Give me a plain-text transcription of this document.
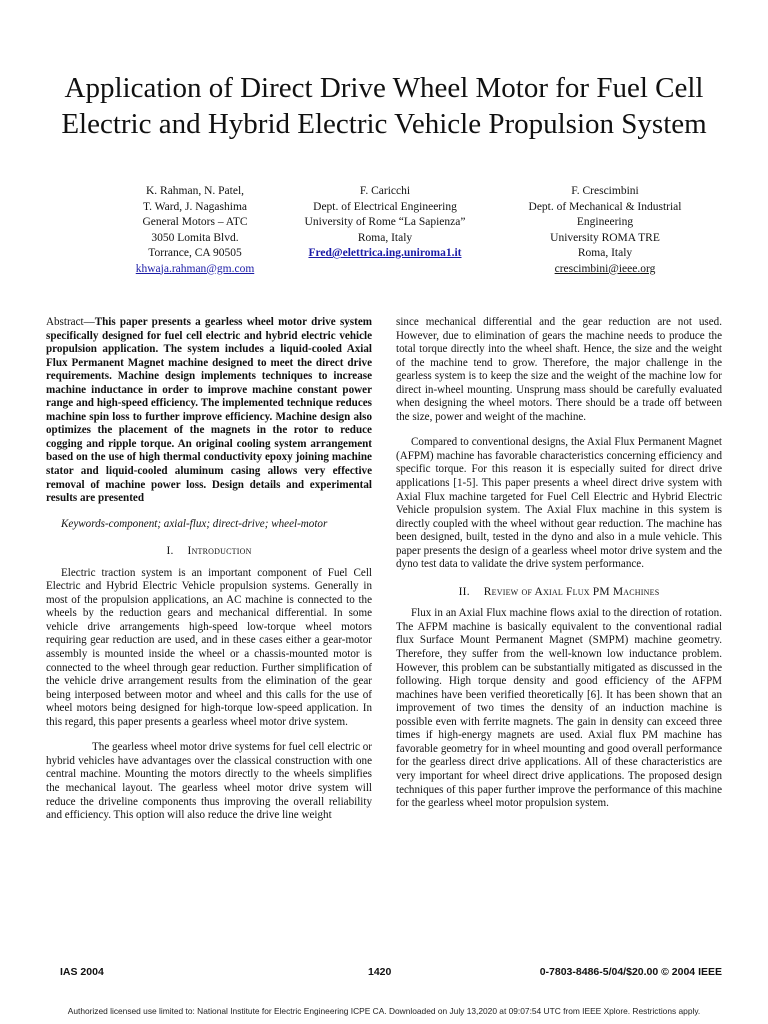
Application of Direct Drive Wheel Motor for Fuel Cell Electric and Hybrid Electric Vehicle Propulsion System
K. Rahman, N. Patel,
T. Ward, J. Nagashima
General Motors – ATC
3050 Lomita Blvd.
Torrance, CA 90505
khwaja.rahman@gm.com
F. Caricchi
Dept. of Electrical Engineering
University of Rome “La Sapienza”
Roma, Italy
Fred@elettrica.ing.uniroma1.it
F. Crescimbini
Dept. of Mechanical & Industrial
Engineering
University ROMA TRE
Roma, Italy
crescimbini@ieee.org

Abstract—This paper presents a gearless wheel motor drive system specifically designed for fuel cell electric and hybrid electric vehicle propulsion application. The system includes a liquid-cooled Axial Flux Permanent Magnet machine designed to meet the direct drive requirements. Machine design implements techniques to increase machine inductance in order to improve machine constant power range and high-speed efficiency. The implemented technique reduces machine spin loss to further improve efficiency. Machine design also optimizes the placement of the magnets in the rotor to reduce cogging and ripple torque. An original cooling system arrangement based on the use of high thermal conductivity epoxy joining machine stator and liquid-cooled aluminum casing allows very effective removal of machine power loss. Design details and experimental results are presented

Keywords-component; axial-flux; direct-drive; wheel-motor

I. Introduction

Electric traction system is an important component of Fuel Cell Electric and Hybrid Electric Vehicle propulsion systems. Generally in most of the propulsion applications, an AC machine is connected to the wheels by the reduction gears and mechanical differential. In some vehicle drive arrangements high-speed low-torque wheel motors requiring gear reduction are used, and in these cases either a gear-motor assembly is mounted inside the wheel or a chassis-mounted motor is connected to the wheel through gear reduction. Further simplification of the vehicle drive arrangement results from the elimination of the gear being interposed between motor and wheel and this calls for the use of wheel motors being designed for high-torque low-speed application. In this regard, this paper presents a gearless wheel motor drive system.

The gearless wheel motor drive systems for fuel cell electric or hybrid vehicles have advantages over the classical construction with one central machine. Mounting the motors directly to the wheels simplifies the mechanical layout. The gearless wheel motor drive system will reduce the driveline components thus improving the overall reliability and efficiency. This option will also reduce the drive line weight

since mechanical differential and the gear reduction are not used. However, due to elimination of gears the machine needs to produce the total torque directly into the wheel shaft. Hence, the size and the weight of the machine tend to grow. Therefore, the major challenge in the gearless system is to keep the size and the weight of the machine low for direct in-wheel mounting. Unsprung mass should be carefully evaluated when designing the wheel motors. There should be a trade off between the size, power and weight of the machine.

Compared to conventional designs, the Axial Flux Permanent Magnet (AFPM) machine has favorable characteristics concerning efficiency and specific torque. For this reason it is especially suited for direct drive applications [1-5]. This paper presents a wheel direct drive system with Axial Flux machine targeted for Fuel Cell Electric and Hybrid Electric Vehicle propulsion system. The Axial Flux machine in this system is directly coupled with the wheel without gear reduction. The machine has been designed, built, tested in the dyno and also in a mule vehicle. This paper presents the design of a gearless wheel motor drive system and the dyno test data to validate the drive system performance.

II. Review of Axial Flux PM Machines

Flux in an Axial Flux machine flows axial to the direction of rotation. The AFPM machine is basically equivalent to the conventional radial flux Surface Mount Permanent Magnet (SMPM) machine geometry. Therefore, they suffer from the well-known low inductance problem. However, this problem can be substantially mitigated as discussed in the following. High torque density and good efficiency of the AFPM machines have been verified theoretically [6]. It has been shown that an improvement of two times the density of an induction machine is possible even with ferrite magnets. The gain in density can exceed three times if high-energy magnets are used. Axial flux PM machine has favorable geometry for in wheel mounting and good overall performance for the gearless direct drive applications. All of these characteristics are very important for wheel direct drive applications. The proposed design techniques of this paper further improve the performance of this machine for the gearless wheel motor propulsion system.

IAS 2004	1420	0-7803-8486-5/04/$20.00 © 2004 IEEE
Authorized licensed use limited to: National Institute for Electric Engineering ICPE CA. Downloaded on July 13,2020 at 09:07:54 UTC from IEEE Xplore. Restrictions apply.
